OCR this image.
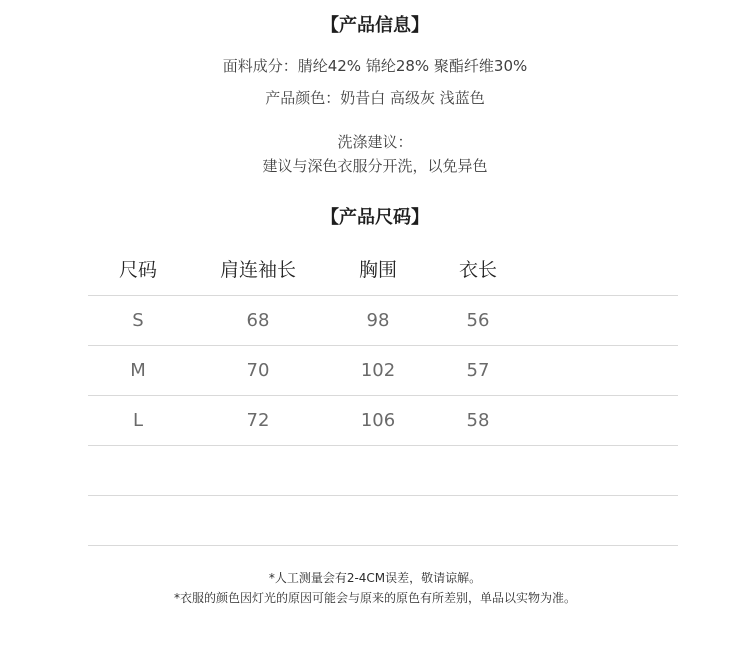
【产品信息】
面料成分：腈纶42% 锦纶28% 聚酯纤维30%
产品颜色：奶昔白 高级灰 浅蓝色
洗涤建议：
建议与深色衣服分开洗，以免异色
【产品尺码】
尺码	肩连袖长	胸围	衣长
S	68	98	56
M	70	102	57
L	72	106	58
*人工测量会有2-4CM误差，敬请谅解。
*衣服的颜色因灯光的原因可能会与原来的原色有所差别，单品以实物为准。
